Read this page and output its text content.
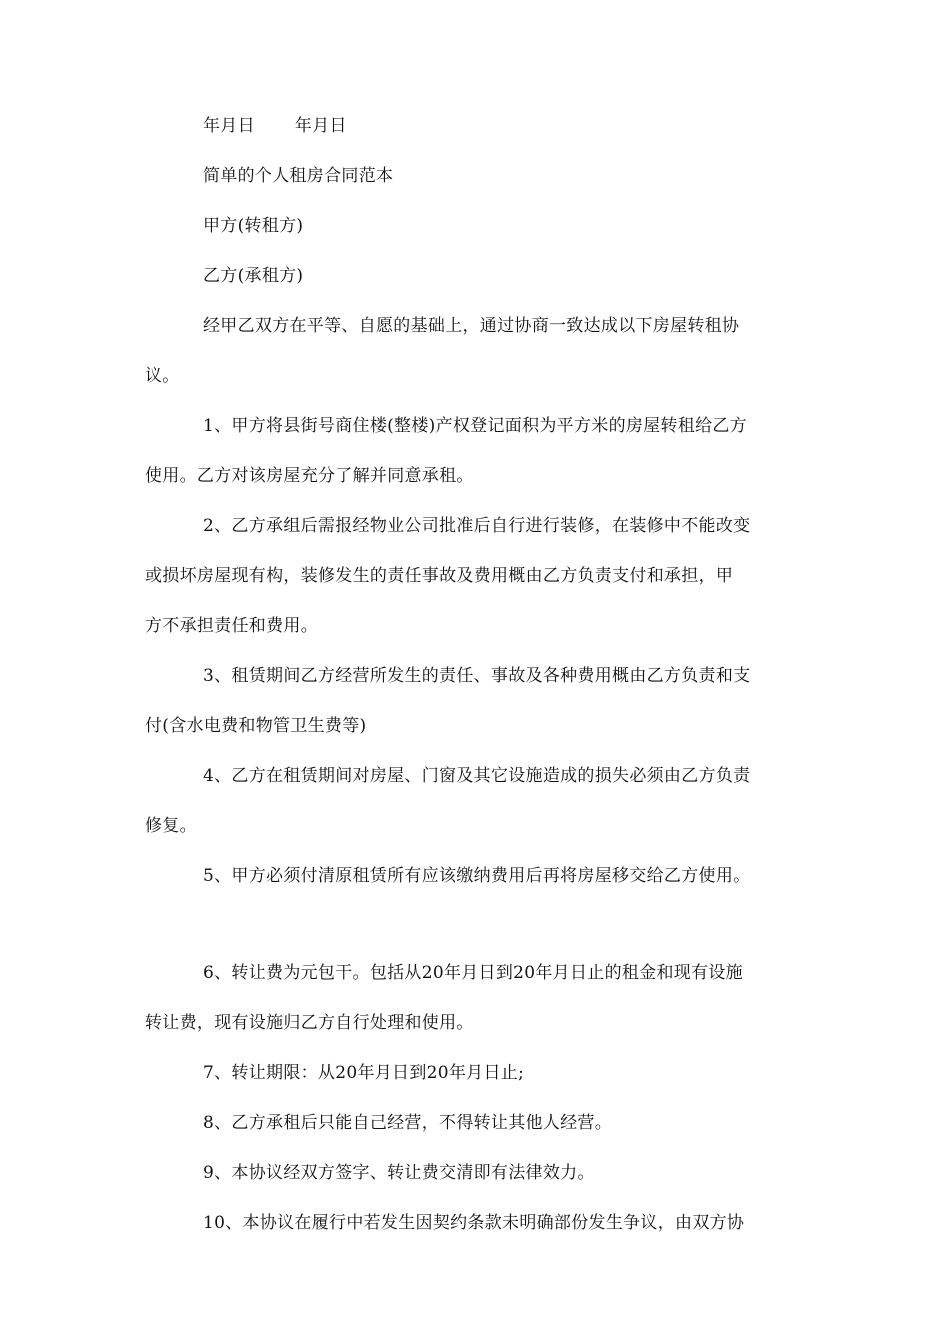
年月日 年月日
简单的个人租房合同范本
甲方(转租方)
乙方(承租方)
经甲乙双方在平等、自愿的基础上，通过协商一致达成以下房屋转租协
议。
1、甲方将县街号商住楼(整楼)产权登记面积为平方米的房屋转租给乙方
使用。乙方对该房屋充分了解并同意承租。
2、乙方承组后需报经物业公司批准后自行进行装修，在装修中不能改变
或损坏房屋现有构，装修发生的责任事故及费用概由乙方负责支付和承担，甲
方不承担责任和费用。
3、租赁期间乙方经营所发生的责任、事故及各种费用概由乙方负责和支
付(含水电费和物管卫生费等)
4、乙方在租赁期间对房屋、门窗及其它设施造成的损失必须由乙方负责
修复。
5、甲方必须付清原租赁所有应该缴纳费用后再将房屋移交给乙方使用。
6、转让费为元包干。包括从20年月日到20年月日止的租金和现有设施
转让费，现有设施归乙方自行处理和使用。
7、转让期限：从20年月日到20年月日止;
8、乙方承租后只能自己经营，不得转让其他人经营。
9、本协议经双方签字、转让费交清即有法律效力。
10、本协议在履行中若发生因契约条款未明确部份发生争议，由双方协
